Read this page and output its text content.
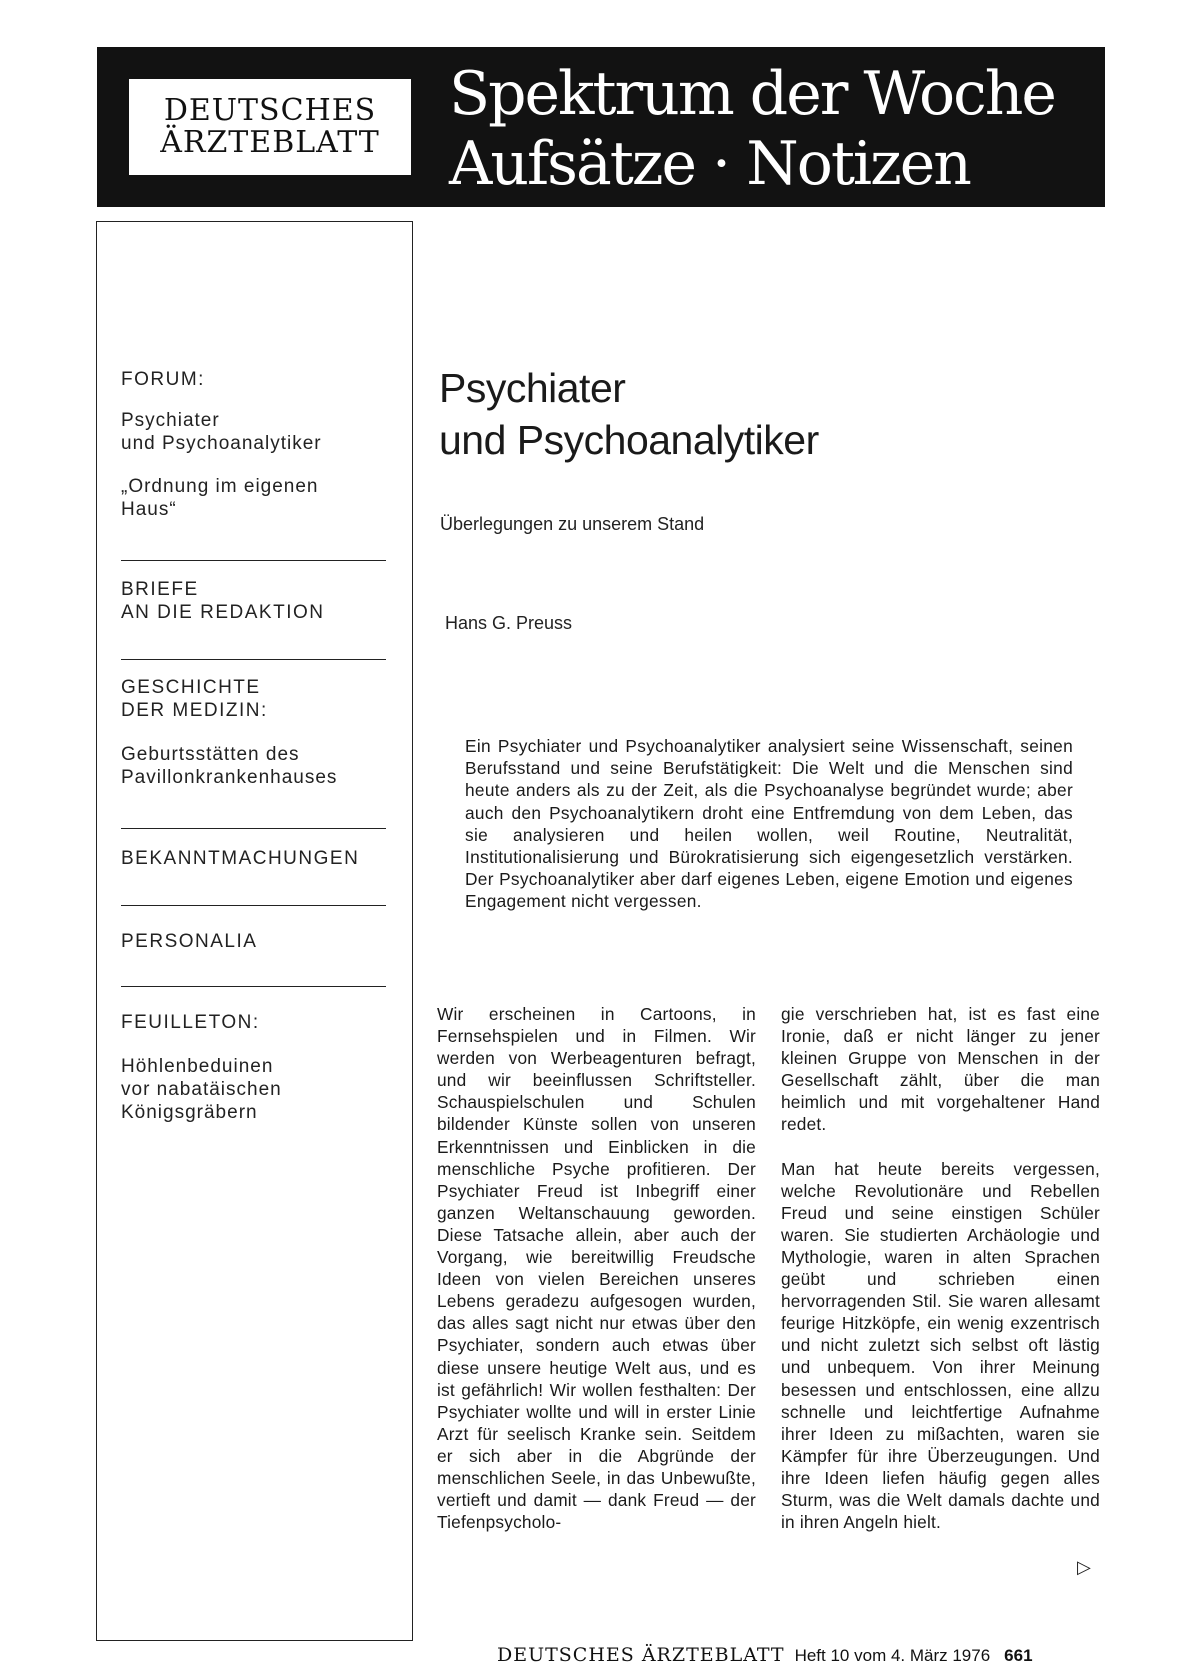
DEUTSCHES
ÄRZTEBLATT
Spektrum der Woche
Aufsätze · Notizen
FORUM:
Psychiater
und Psychoanalytiker
„Ordnung im eigenen
Haus“
BRIEFE
AN DIE REDAKTION
GESCHICHTE
DER MEDIZIN:
Geburtsstätten des
Pavillonkrankenhauses
BEKANNTMACHUNGEN
PERSONALIA
FEUILLETON:
Höhlenbeduinen
vor nabatäischen
Königsgräbern
Psychiater
und Psychoanalytiker
Überlegungen zu unserem Stand
Hans G. Preuss
Ein Psychiater und Psychoanalytiker analysiert seine Wissenschaft, seinen Berufsstand und seine Berufstätigkeit: Die Welt und die Menschen sind heute anders als zu der Zeit, als die Psychoanalyse begründet wurde; aber auch den Psychoanalytikern droht eine Entfremdung von dem Leben, das sie analysieren und heilen wollen, weil Routine, Neutralität, Institutionalisierung und Bürokratisierung sich eigengesetzlich verstärken. Der Psychoanalytiker aber darf eigenes Leben, eigene Emotion und eigenes Engagement nicht vergessen.

Wir erscheinen in Cartoons, in Fernsehspielen und in Filmen. Wir werden von Werbeagenturen befragt, und wir beeinflussen Schriftsteller. Schauspielschulen und Schulen bildender Künste sollen von unseren Erkenntnissen und Einblicken in die menschliche Psyche profitieren. Der Psychiater Freud ist Inbegriff einer ganzen Weltanschauung geworden. Diese Tatsache allein, aber auch der Vorgang, wie bereitwillig Freudsche Ideen von vielen Bereichen unseres Lebens geradezu aufgesogen wurden, das alles sagt nicht nur etwas über den Psychiater, sondern auch etwas über diese unsere heutige Welt aus, und es ist gefährlich! Wir wollen festhalten: Der Psychiater wollte und will in erster Linie Arzt für seelisch Kranke sein. Seitdem er sich aber in die Abgründe der menschlichen Seele, in das Unbewußte, vertieft und damit — dank Freud — der Tiefenpsycholo-

gie verschrieben hat, ist es fast eine Ironie, daß er nicht länger zu jener kleinen Gruppe von Menschen in der Gesellschaft zählt, über die man heimlich und mit vorgehaltener Hand redet.

Man hat heute bereits vergessen, welche Revolutionäre und Rebellen Freud und seine einstigen Schüler waren. Sie studierten Archäologie und Mythologie, waren in alten Sprachen geübt und schrieben einen hervorragenden Stil. Sie waren allesamt feurige Hitzköpfe, ein wenig exzentrisch und nicht zuletzt sich selbst oft lästig und unbequem. Von ihrer Meinung besessen und entschlossen, eine allzu schnelle und leichtfertige Aufnahme ihrer Ideen zu mißachten, waren sie Kämpfer für ihre Überzeugungen. Und ihre Ideen liefen häufig gegen alles Sturm, was die Welt damals dachte und in ihren Angeln hielt.

▷
DEUTSCHES ÄRZTEBLATT Heft 10 vom 4. März 1976 661
